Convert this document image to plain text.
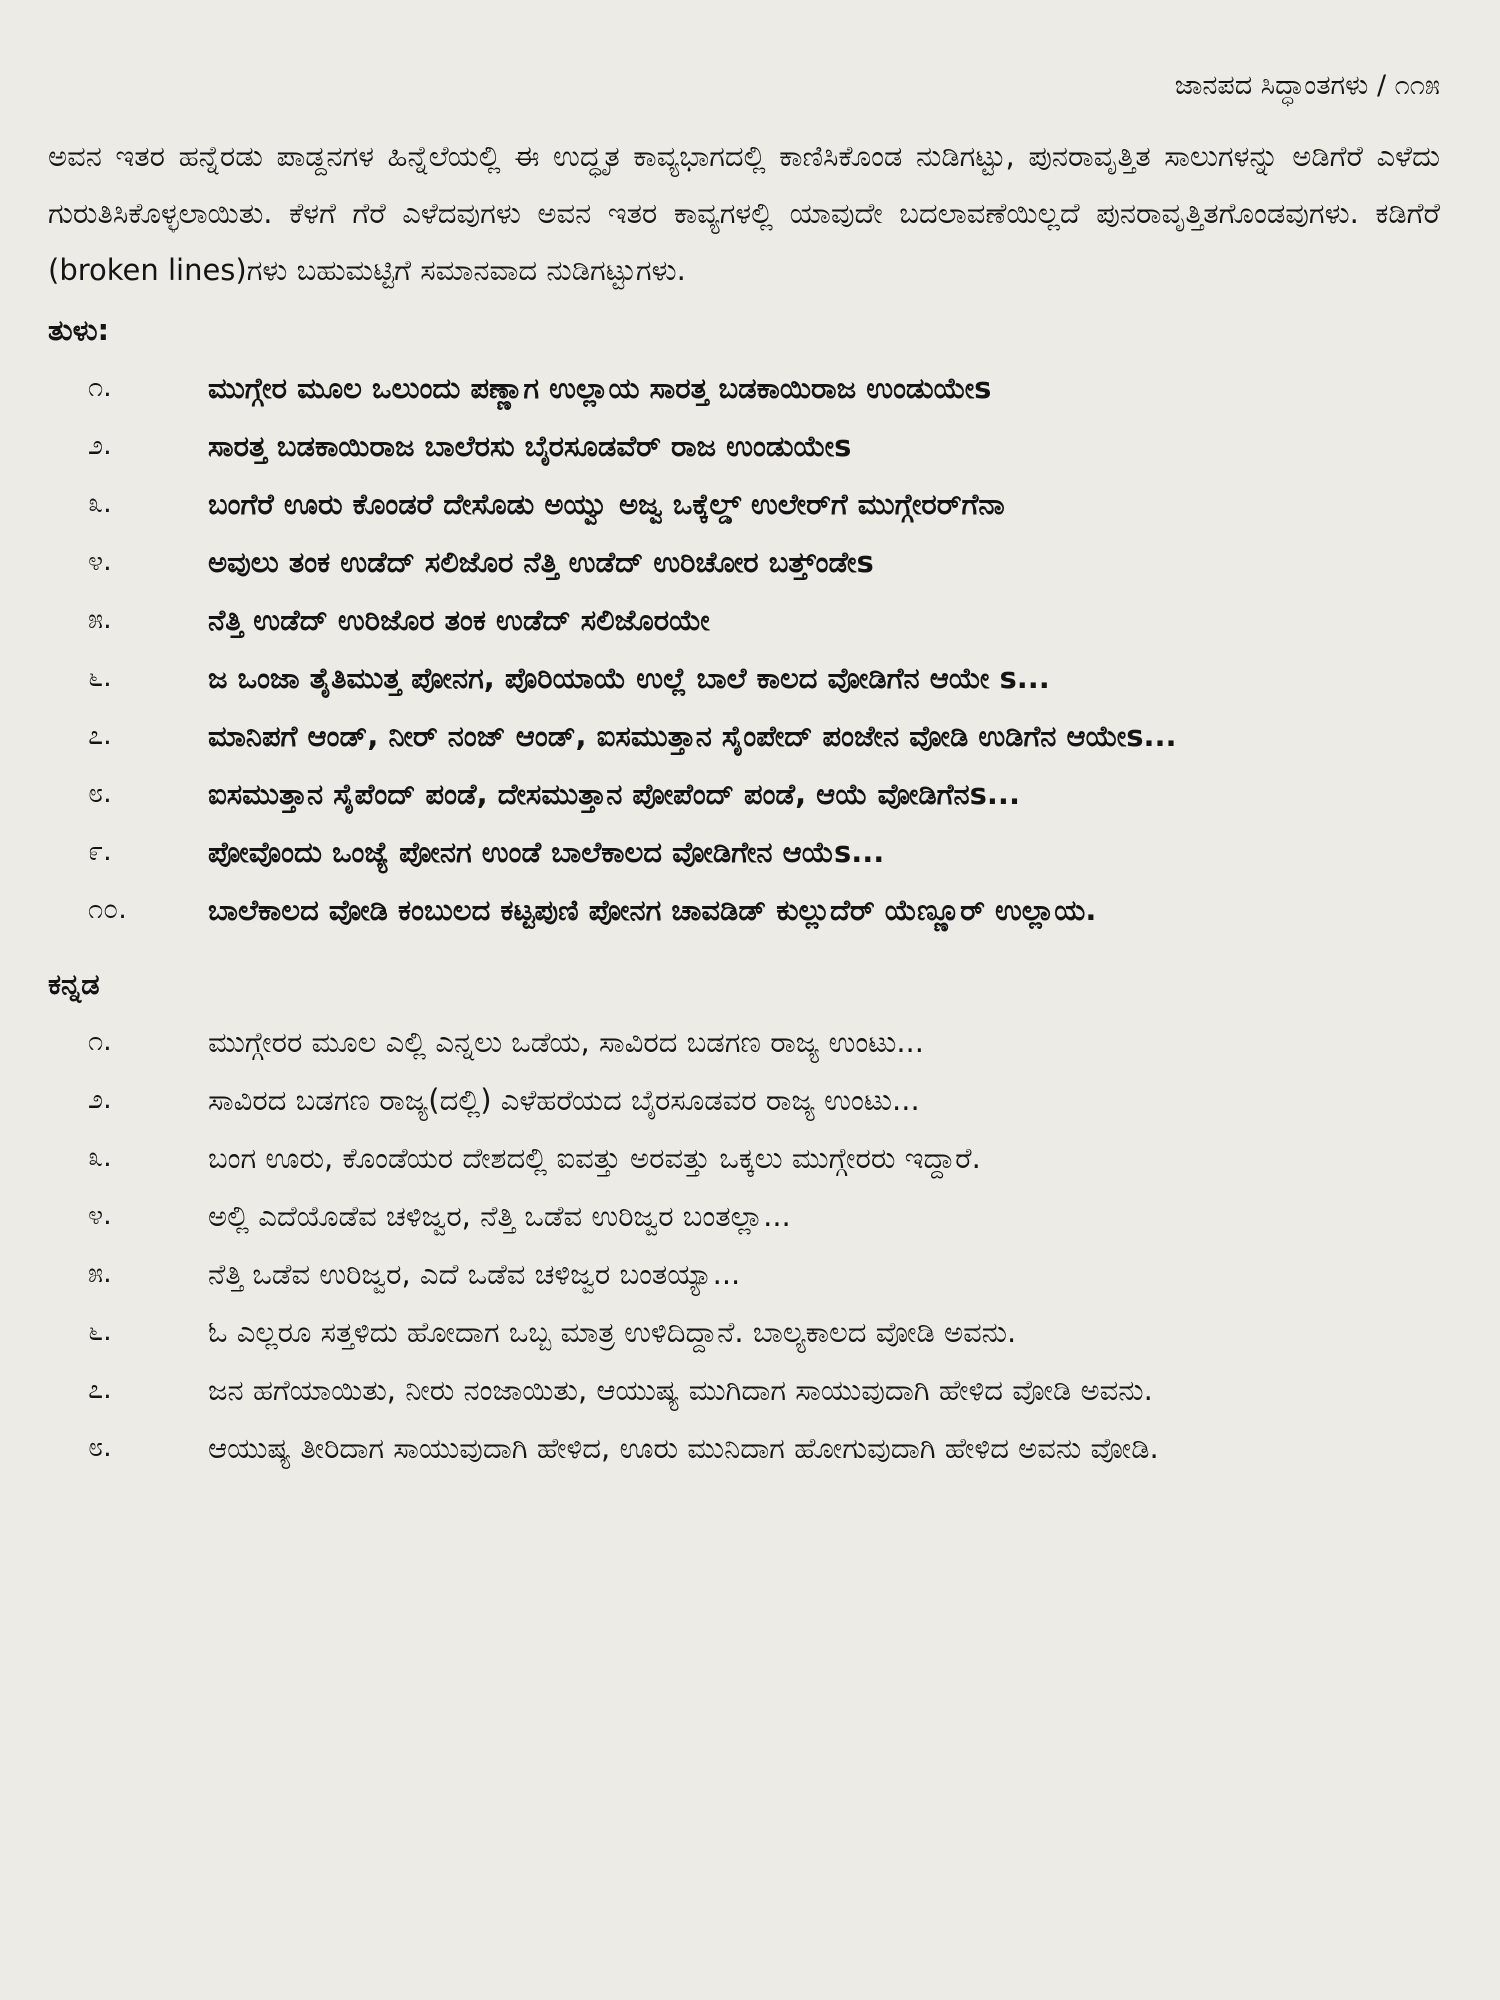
ಜಾನಪದ ಸಿದ್ಧಾಂತಗಳು / ೧೧೫

ಅವನ ಇತರ ಹನ್ನೆರಡು ಪಾಡ್ದನಗಳ ಹಿನ್ನೆಲೆಯಲ್ಲಿ ಈ ಉದ್ಧೃತ ಕಾವ್ಯಭಾಗದಲ್ಲಿ ಕಾಣಿಸಿಕೊಂಡ ನುಡಿಗಟ್ಟು, ಪುನರಾವೃತ್ತಿತ ಸಾಲುಗಳನ್ನು ಅಡಿಗೆರೆ ಎಳೆದು ಗುರುತಿಸಿಕೊಳ್ಳಲಾಯಿತು. ಕೆಳಗೆ ಗೆರೆ ಎಳೆದವುಗಳು ಅವನ ಇತರ ಕಾವ್ಯಗಳಲ್ಲಿ ಯಾವುದೇ ಬದಲಾವಣೆಯಿಲ್ಲದೆ ಪುನರಾವೃತ್ತಿತಗೊಂಡವುಗಳು. ಕಡಿಗೆರೆ (broken lines)ಗಳು ಬಹುಮಟ್ಟಿಗೆ ಸಮಾನವಾದ ನುಡಿಗಟ್ಟುಗಳು.

ತುಳು:
೧.	ಮುಗ್ಗೇರ ಮೂಲ ಒಲುಂದು ಪಣ್ಣಾಗ ಉಲ್ಲಾಯ ಸಾರತ್ತ ಬಡಕಾಯಿರಾಜ ಉಂಡುಯೇs
೨.	ಸಾರತ್ತ ಬಡಕಾಯಿರಾಜ ಬಾಲೆರಸು ಬೈರಸೂಡವೆರ್ ರಾಜ ಉಂಡುಯೇs
೩.	ಬಂಗೆರೆ ಊರು ಕೊಂಡರೆ ದೇಸೊಡು ಅಯ್ವು ಅಜ್ವ ಒಕ್ಕೆಲ್ಡ್ ಉಲೇರ್‌ಗೆ ಮುಗ್ಗೇರರ್‌ಗೆನಾ
೪.	ಅವುಲು ತಂಕ ಉಡೆದ್ ಸಲಿಜೊರ ನೆತ್ತಿ ಉಡೆದ್ ಉರಿಚೋರ ಬತ್ತ್ಂಡೇs
೫.	ನೆತ್ತಿ ಉಡೆದ್ ಉರಿಜೊರ ತಂಕ ಉಡೆದ್ ಸಲಿಜೊರಯೇ
೬.	ಜ ಒಂಜಾ ತೈತಿಮುತ್ತ ಪೋನಗ, ಪೊರಿಯಾಯೆ ಉಲ್ಲೆ ಬಾಲೆ ಕಾಲದ ವೋಡಿಗೆನ ಆಯೇ s...
೭.	ಮಾನಿಪಗೆ ಆಂಡ್, ನೀರ್ ನಂಜ್ ಆಂಡ್, ಐಸಮುತ್ತಾನ ಸೈಂಪೇದ್ ಪಂಜೇನ ವೋಡಿ ಉಡಿಗೆನ ಆಯೇs...
೮.	ಐಸಮುತ್ತಾನ ಸೈಪೆಂದ್ ಪಂಡೆ, ದೇಸಮುತ್ತಾನ ಪೋಪೆಂದ್ ಪಂಡೆ, ಆಯೆ ವೋಡಿಗೆನs...
೯.	ಪೋವೊಂದು ಒಂಜ್ಯೆ ಪೋನಗ ಉಂಡೆ ಬಾಲೆಕಾಲದ ವೋಡಿಗೇನ ಆಯೆs...
೧೦.	ಬಾಲೆಕಾಲದ ವೋಡಿ ಕಂಬುಲದ ಕಟ್ಟಪುಣಿ ಪೋನಗ ಚಾವಡಿಡ್ ಕುಲ್ಲುದೆರ್ ಯೆಣ್ಣೂರ್ ಉಲ್ಲಾಯ.
ಕನ್ನಡ
೧.	ಮುಗ್ಗೇರರ ಮೂಲ ಎಲ್ಲಿ ಎನ್ನಲು ಒಡೆಯ, ಸಾವಿರದ ಬಡಗಣ ರಾಜ್ಯ ಉಂಟು...
೨.	ಸಾವಿರದ ಬಡಗಣ ರಾಜ್ಯ(ದಲ್ಲಿ) ಎಳೆಹರೆಯದ ಬೈರಸೂಡವರ ರಾಜ್ಯ ಉಂಟು...
೩.	ಬಂಗ ಊರು, ಕೊಂಡೆಯರ ದೇಶದಲ್ಲಿ ಐವತ್ತು ಅರವತ್ತು ಒಕ್ಕಲು ಮುಗ್ಗೇರರು ಇದ್ದಾರೆ.
೪.	ಅಲ್ಲಿ ಎದೆಯೊಡೆವ ಚಳಿಜ್ವರ, ನೆತ್ತಿ ಒಡೆವ ಉರಿಜ್ವರ ಬಂತಲ್ಲಾ...
೫.	ನೆತ್ತಿ ಒಡೆವ ಉರಿಜ್ವರ, ಎದೆ ಒಡೆವ ಚಳಿಜ್ವರ ಬಂತಯ್ಯಾ...
೬.	ಓ ಎಲ್ಲರೂ ಸತ್ತಳಿದು ಹೋದಾಗ ಒಬ್ಬ ಮಾತ್ರ ಉಳಿದಿದ್ದಾನೆ. ಬಾಲ್ಯಕಾಲದ ವೋಡಿ ಅವನು.
೭.	ಜನ ಹಗೆಯಾಯಿತು, ನೀರು ನಂಜಾಯಿತು, ಆಯುಷ್ಯ ಮುಗಿದಾಗ ಸಾಯುವುದಾಗಿ ಹೇಳಿದ ವೋಡಿ ಅವನು.
೮.	ಆಯುಷ್ಯ ತೀರಿದಾಗ ಸಾಯುವುದಾಗಿ ಹೇಳಿದ, ಊರು ಮುನಿದಾಗ ಹೋಗುವುದಾಗಿ ಹೇಳಿದ ಅವನು ವೋಡಿ.
